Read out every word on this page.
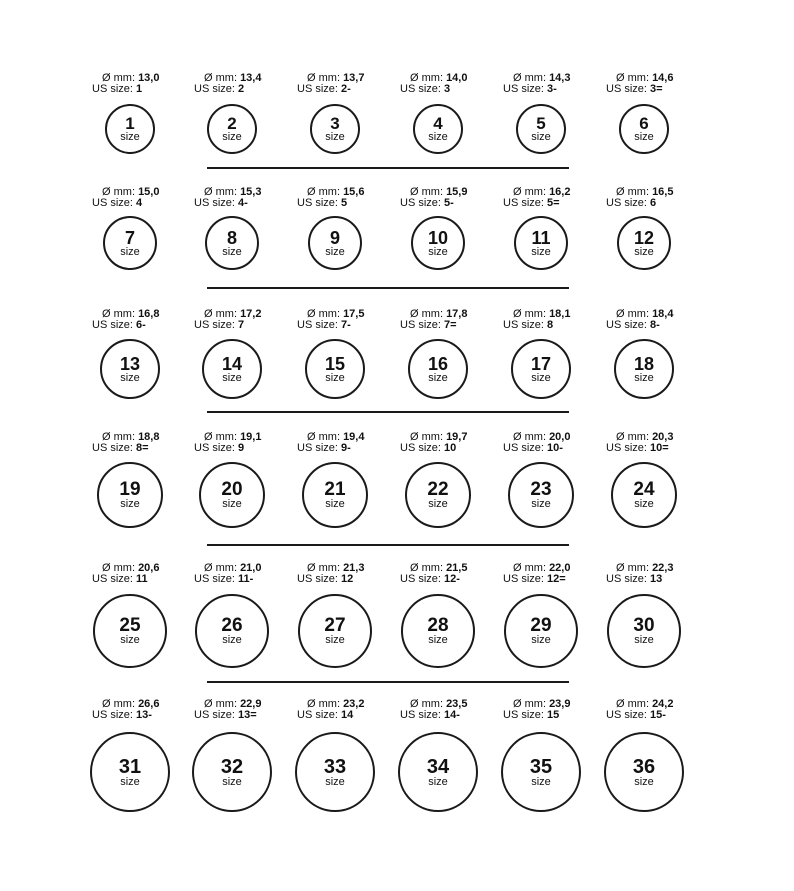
Ø mm: 13,0
US size: 1
1
size
Ø mm: 13,4
US size: 2
2
size
Ø mm: 13,7
US size: 2-
3
size
Ø mm: 14,0
US size: 3
4
size
Ø mm: 14,3
US size: 3-
5
size
Ø mm: 14,6
US size: 3=
6
size
Ø mm: 15,0
US size: 4
7
size
Ø mm: 15,3
US size: 4-
8
size
Ø mm: 15,6
US size: 5
9
size
Ø mm: 15,9
US size: 5-
10
size
Ø mm: 16,2
US size: 5=
11
size
Ø mm: 16,5
US size: 6
12
size
Ø mm: 16,8
US size: 6-
13
size
Ø mm: 17,2
US size: 7
14
size
Ø mm: 17,5
US size: 7-
15
size
Ø mm: 17,8
US size: 7=
16
size
Ø mm: 18,1
US size: 8
17
size
Ø mm: 18,4
US size: 8-
18
size
Ø mm: 18,8
US size: 8=
19
size
Ø mm: 19,1
US size: 9
20
size
Ø mm: 19,4
US size: 9-
21
size
Ø mm: 19,7
US size: 10
22
size
Ø mm: 20,0
US size: 10-
23
size
Ø mm: 20,3
US size: 10=
24
size
Ø mm: 20,6
US size: 11
25
size
Ø mm: 21,0
US size: 11-
26
size
Ø mm: 21,3
US size: 12
27
size
Ø mm: 21,5
US size: 12-
28
size
Ø mm: 22,0
US size: 12=
29
size
Ø mm: 22,3
US size: 13
30
size
Ø mm: 26,6
US size: 13-
31
size
Ø mm: 22,9
US size: 13=
32
size
Ø mm: 23,2
US size: 14
33
size
Ø mm: 23,5
US size: 14-
34
size
Ø mm: 23,9
US size: 15
35
size
Ø mm: 24,2
US size: 15-
36
size
